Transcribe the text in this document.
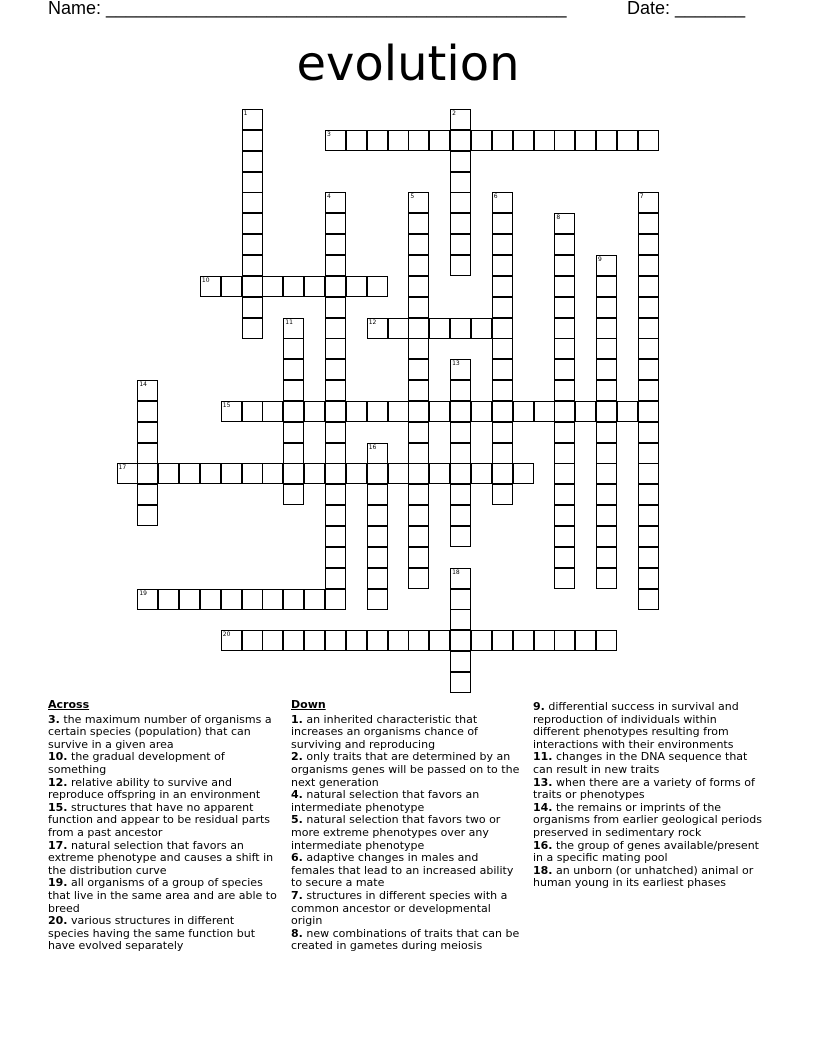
Name: ______________________________________________	Date: _______
evolution
1	2
3
4	5	6	7
8
9
10
11	12
13
14
15
16
17
18
19
20
Across
3. the maximum number of organisms a certain species (population) that can survive in a given area
10. the gradual development of something
12. relative ability to survive and reproduce offspring in an environment
15. structures that have no apparent function and appear to be residual parts from a past ancestor
17. natural selection that favors an extreme phenotype and causes a shift in the distribution curve
19. all organisms of a group of species that live in the same area and are able to breed
20. various structures in different species having the same function but have evolved separately
Down
1. an inherited characteristic that increases an organisms chance of surviving and reproducing
2. only traits that are determined by an organisms genes will be passed on to the next generation
4. natural selection that favors an intermediate phenotype
5. natural selection that favors two or more extreme phenotypes over any intermediate phenotype
6. adaptive changes in males and females that lead to an increased ability to secure a mate
7. structures in different species with a common ancestor or developmental origin
8. new combinations of traits that can be created in gametes during meiosis
9. differential success in survival and reproduction of individuals within different phenotypes resulting from interactions with their environments
11. changes in the DNA sequence that can result in new traits
13. when there are a variety of forms of traits or phenotypes
14. the remains or imprints of the organisms from earlier geological periods preserved in sedimentary rock
16. the group of genes available/present in a specific mating pool
18. an unborn (or unhatched) animal or human young in its earliest phases
